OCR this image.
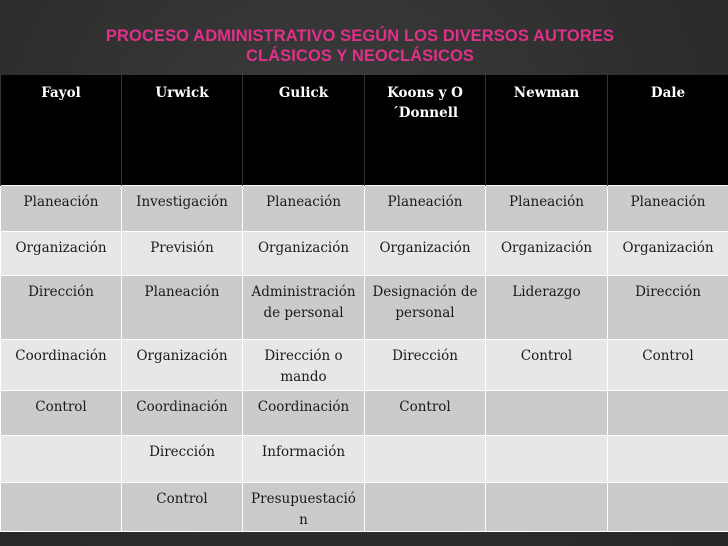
PROCESO ADMINISTRATIVO SEGÚN LOS DIVERSOS AUTORES
CLÁSICOS Y NEOCLÁSICOS
Fayol	Urwick	Gulick	Koons y O´Donnell	Newman	Dale
Planeación	Investigación	Planeación	Planeación	Planeación	Planeación
Organización	Previsión	Organización	Organización	Organización	Organización
Dirección	Planeación	Administración de personal	Designación de personal	Liderazgo	Dirección
Coordinación	Organización	Dirección o mando	Dirección	Control	Control
Control	Coordinación	Coordinación	Control		
	Dirección	Información			
	Control	Presupuestación			
